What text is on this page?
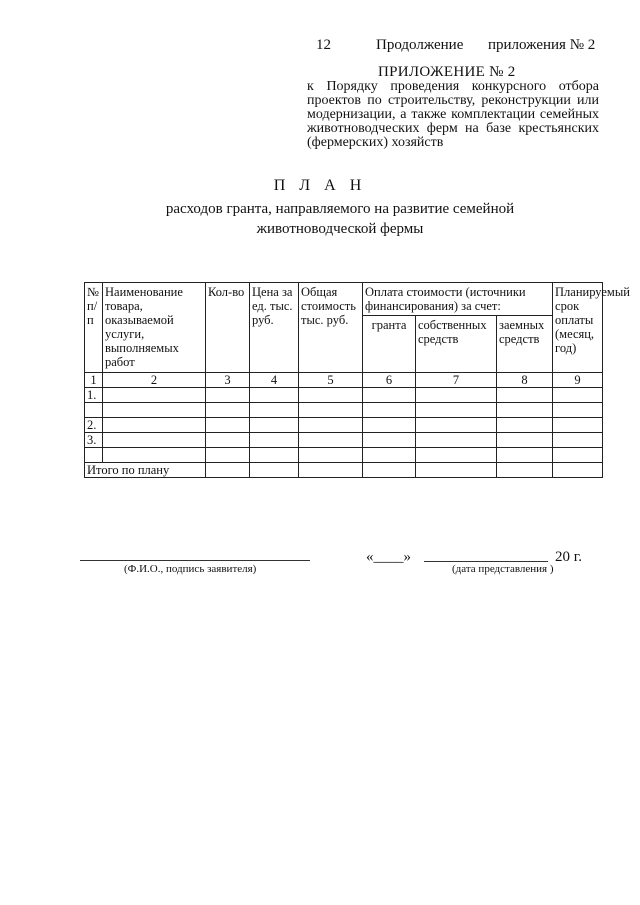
12	Продолжение приложения № 2
ПРИЛОЖЕНИЕ № 2
к Порядку проведения конкурсного отбора проектов по строительству, реконструкции или модернизации, а также комплектации семейных животноводческих ферм на базе крестьянских (фермерских) хозяйств
П Л А Н
расходов гранта, направляемого на развитие семейной
животноводческой фермы
№ п/п	Наименование товара, оказываемой услуги, выполняемых работ	Кол-во	Цена за ед. тыс. руб.	Общая стоимость тыс. руб.	Оплата стоимости (источники финансирования) за счет:			Планируемый срок оплаты (месяц, год)
					гранта	собственных средств	заемных средств	
1	2	3	4	5	6	7	8	9
1.								

2.								
3.								

Итого по плану								
(Ф.И.О., подпись заявителя)
«____»	20 г.
(дата представления )
